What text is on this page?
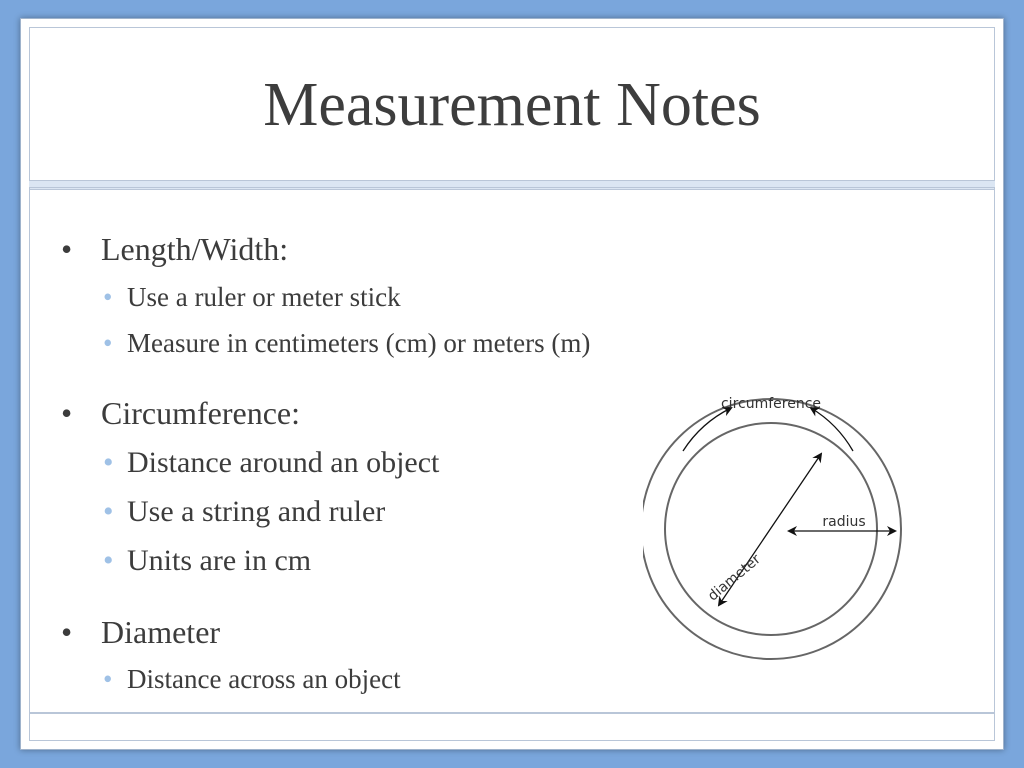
Measurement Notes
• Length/Width:
• Use a ruler or meter stick
• Measure in centimeters (cm) or meters (m)
• Circumference:
• Distance around an object
• Use a string and ruler
• Units are in cm
• Diameter
• Distance across an object
circumference
diameter
radius
